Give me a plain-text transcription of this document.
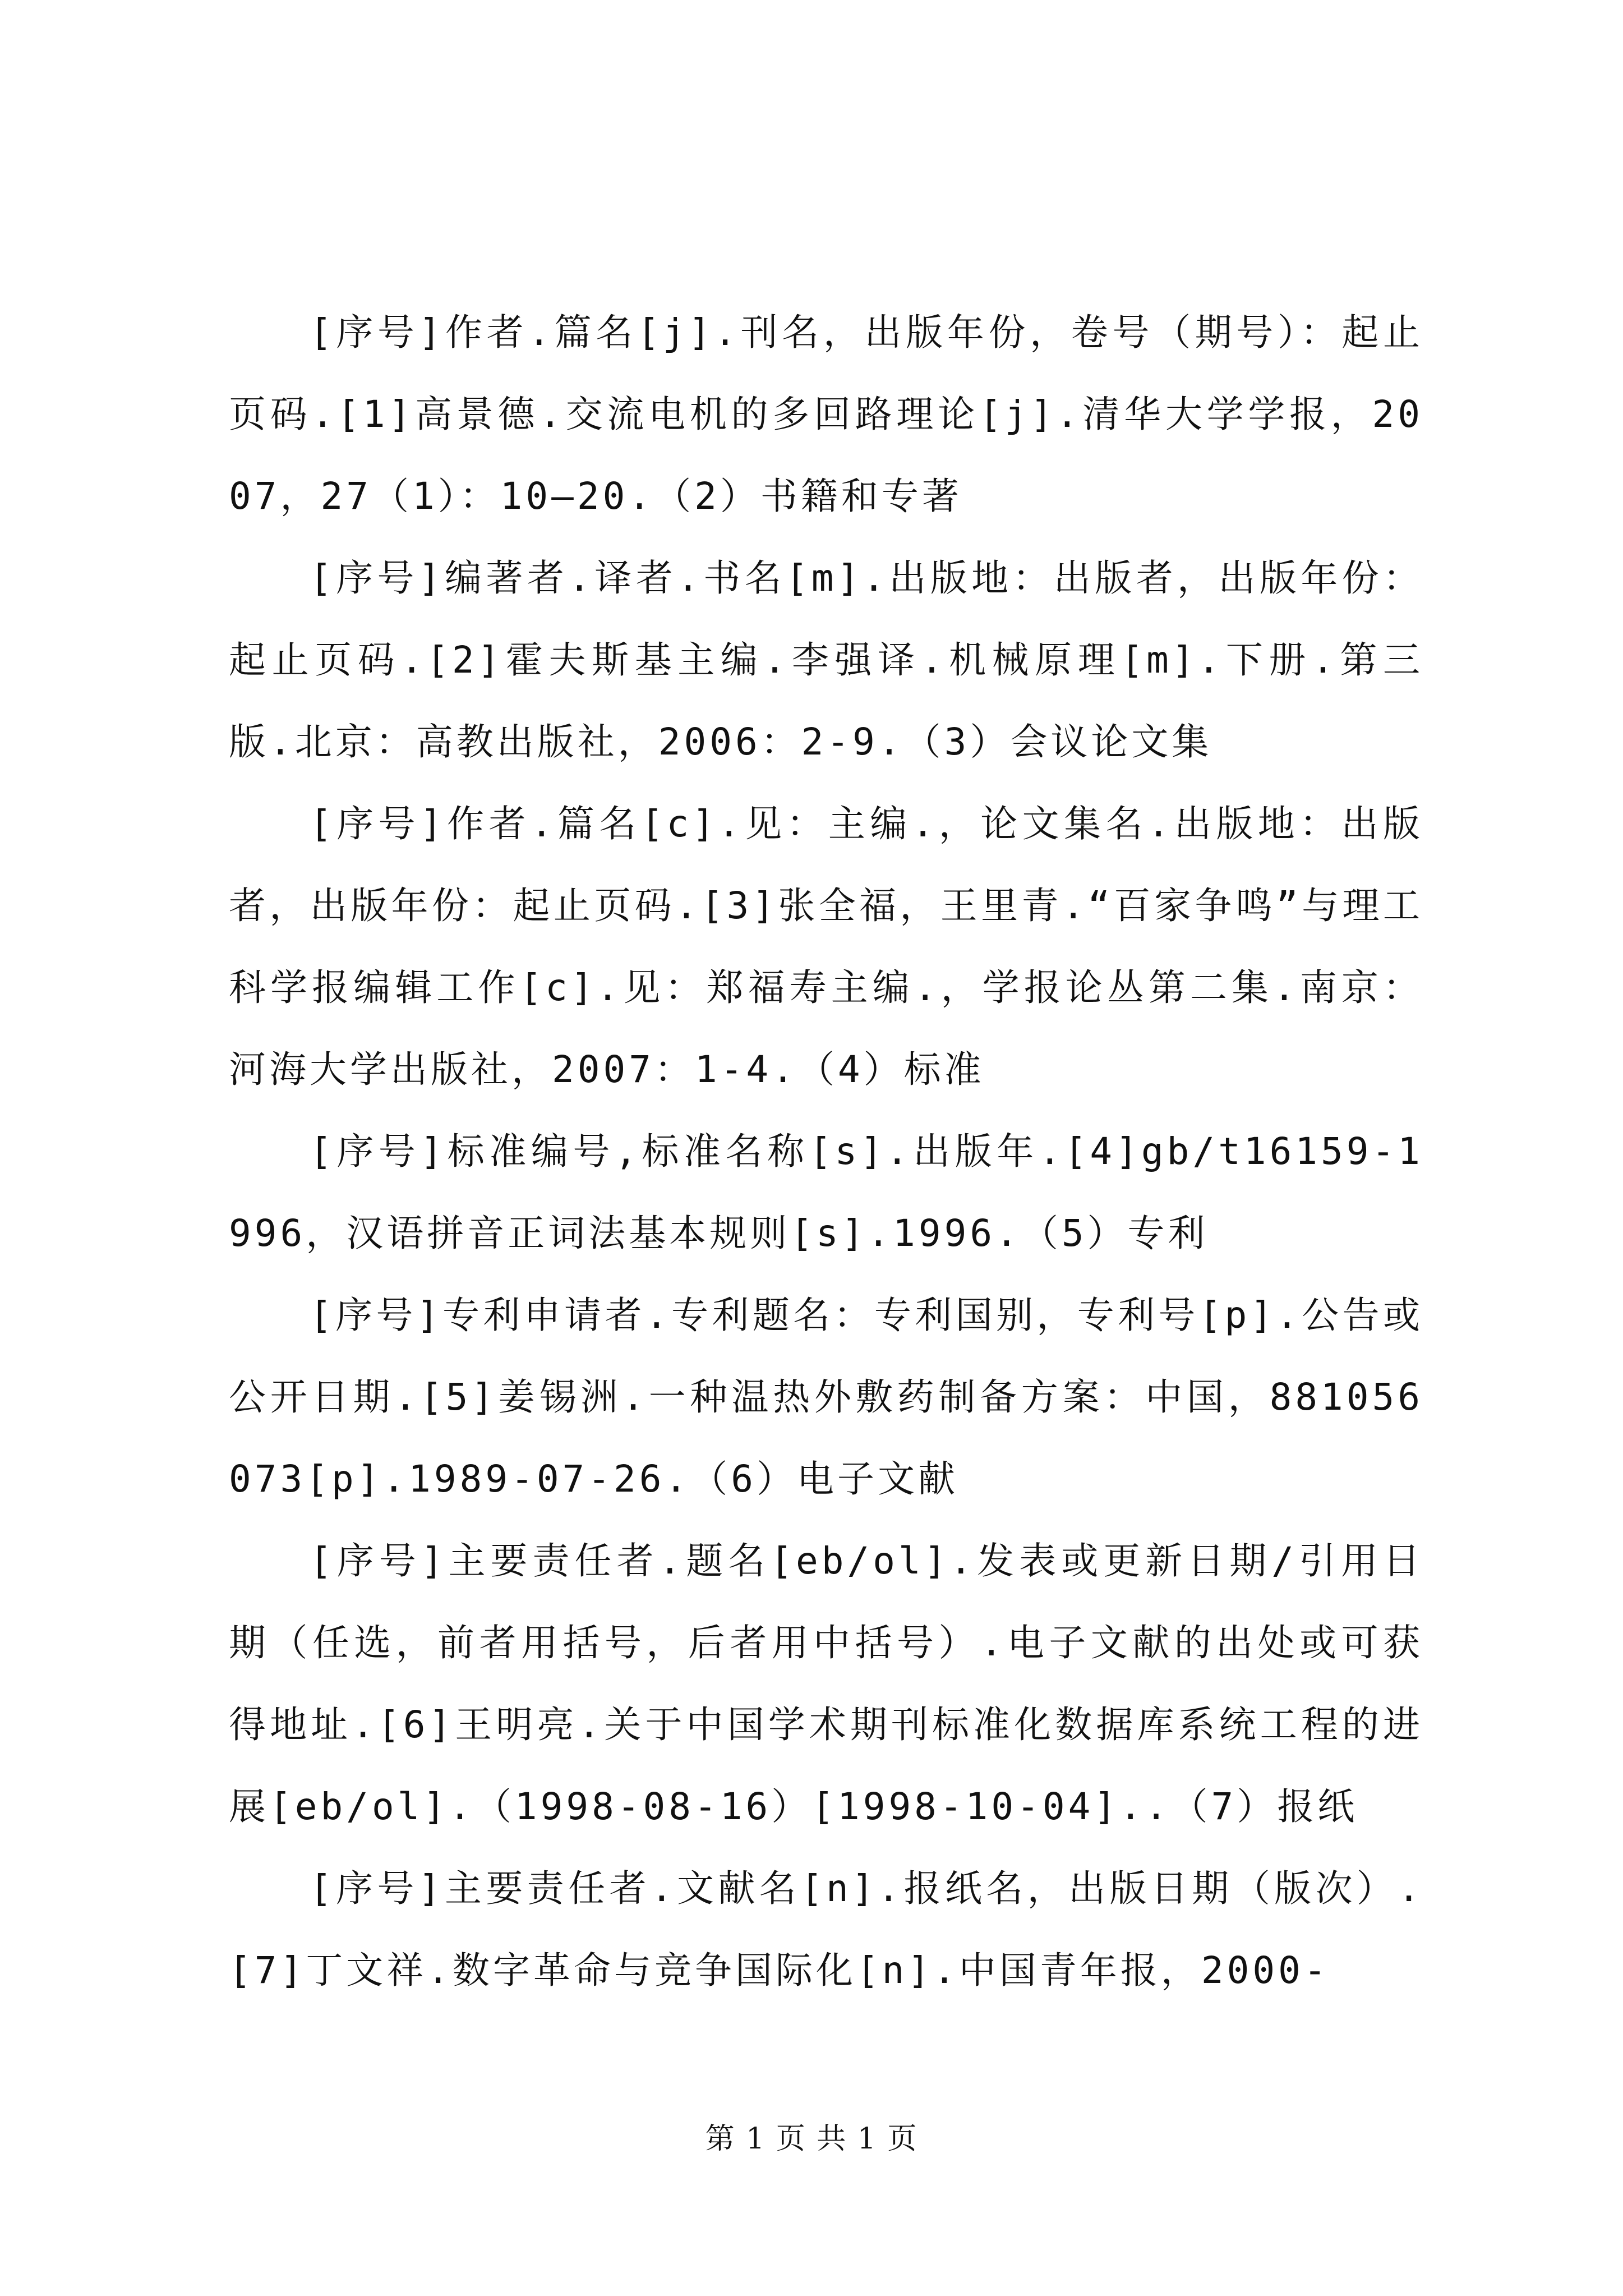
[序号]作者.篇名[j].刊名，出版年份，卷号（期号）：起止页码.[1]高景德.交流电机的多回路理论[j].清华大学学报，2007，27（1）：10—20.（2）书籍和专著

[序号]编著者.译者.书名[m].出版地：出版者，出版年份：起止页码.[2]霍夫斯基主编.李强译.机械原理[m].下册.第三版.北京：高教出版社，2006：2-9.（3）会议论文集

[序号]作者.篇名[c].见：主编.，论文集名.出版地：出版者，出版年份：起止页码.[3]张全福，王里青.“百家争鸣”与理工科学报编辑工作[c].见：郑福寿主编.，学报论丛第二集.南京：河海大学出版社，2007：1-4.（4）标准

[序号]标准编号,标准名称[s].出版年.[4]gb/t16159-1996，汉语拼音正词法基本规则[s].1996.（5）专利

[序号]专利申请者.专利题名：专利国别，专利号[p].公告或公开日期.[5]姜锡洲.一种温热外敷药制备方案：中国，881056073[p].1989-07-26.（6）电子文献

[序号]主要责任者.题名[eb/ol].发表或更新日期/引用日期（任选，前者用括号，后者用中括号）.电子文献的出处或可获得地址.[6]王明亮.关于中国学术期刊标准化数据库系统工程的进展[eb/ol].（1998-08-16）[1998-10-04]..（7）报纸

[序号]主要责任者.文献名[n].报纸名，出版日期（版次）.[7]丁文祥.数字革命与竞争国际化[n].中国青年报，2000-

第 1 页 共 1 页
